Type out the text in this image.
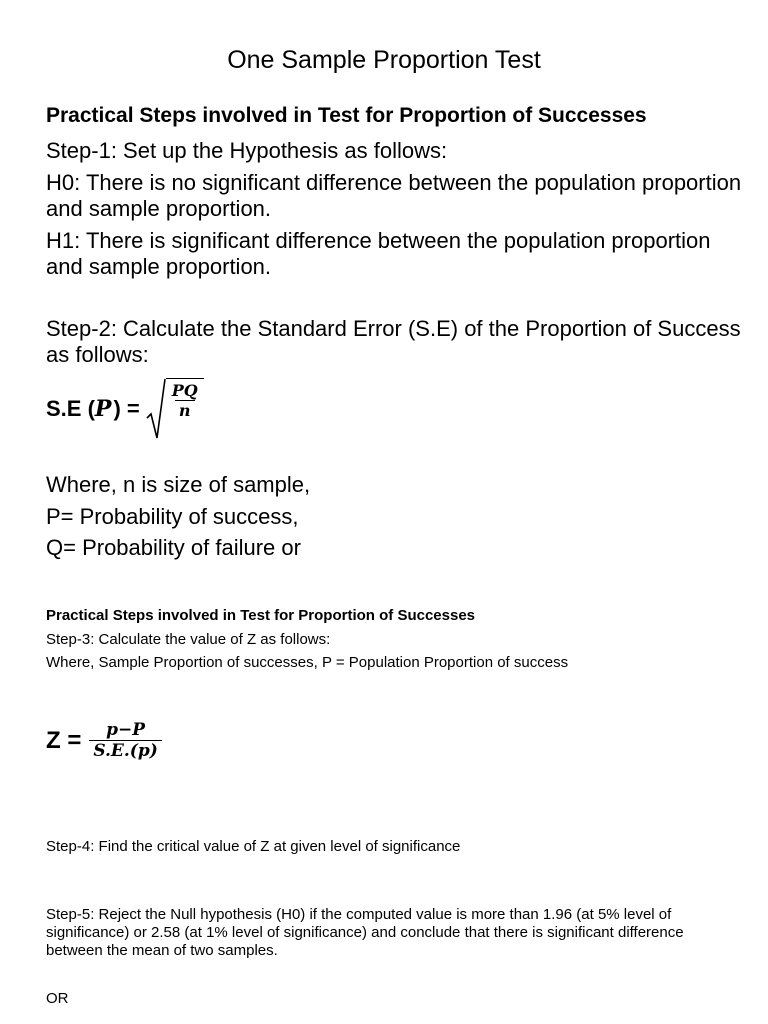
One Sample Proportion Test
Practical Steps involved in Test for Proportion of Successes
Step-1: Set up the Hypothesis as follows:
H0: There is no significant difference between the population proportion and sample proportion.
H1: There is significant difference between the population proportion and sample proportion.
Step-2: Calculate the Standard Error (S.E) of the Proportion of Success as follows:
S.E ( P ) = $\frac{PQ}{n}$
Where, n is size of sample,
P= Probability of success,
Q= Probability of failure or
Practical Steps involved in Test for Proportion of Successes
Step-3: Calculate the value of Z as follows:
Where, Sample Proportion of successes, P = Population Proportion of success
$Z = \frac{p-P}{S.E.(p)}$
Step-4: Find the critical value of Z at given level of significance
Step-5: Reject the Null hypothesis (H0) if the computed value is more than 1.96 (at 5% level of significance) or 2.58 (at 1% level of significance) and conclude that there is significant difference between the mean of two samples.
OR
